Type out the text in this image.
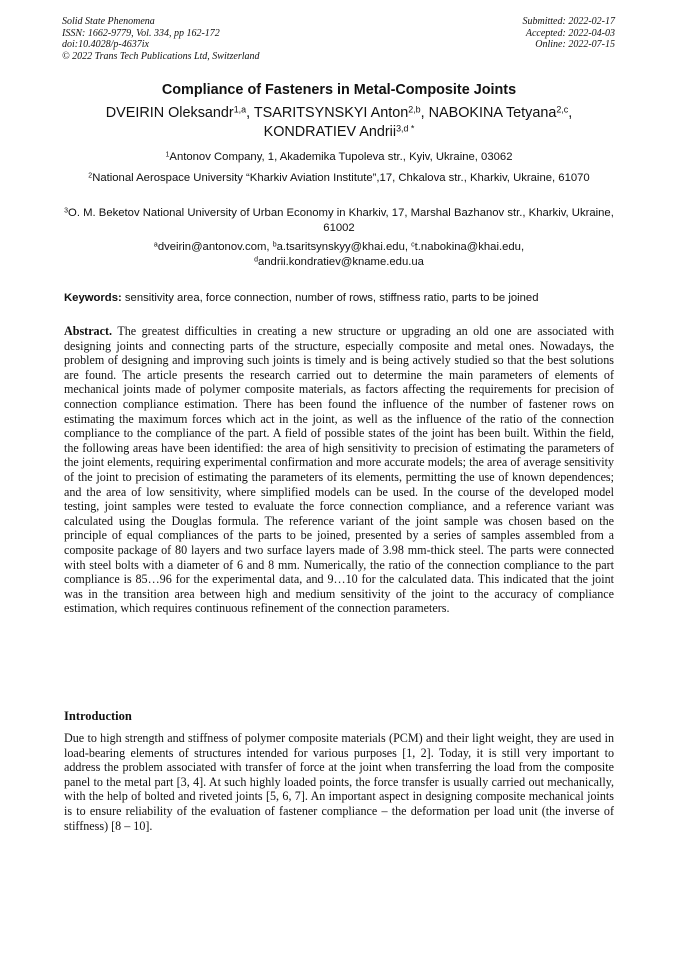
Solid State Phenomena
ISSN: 1662-9779, Vol. 334, pp 162-172
doi:10.4028/p-4637ix
© 2022 Trans Tech Publications Ltd, Switzerland
Submitted: 2022-02-17
Accepted: 2022-04-03
Online: 2022-07-15
Compliance of Fasteners in Metal-Composite Joints
DVEIRIN Oleksandr$^{1,a}$, TSARITSYNSKYI Anton$^{2,b}$, NABOKINA Tetyana$^{2,c}$,
KONDRATIEV Andrii$^{3,d *}$
$^1$Antonov Company, 1, Akademika Tupoleva str., Kyiv, Ukraine, 03062
$^2$National Aerospace University “Kharkiv Aviation Institute”,17, Chkalova str., Kharkiv, Ukraine, 61070
$^3$O. M. Beketov National University of Urban Economy in Kharkiv, 17, Marshal Bazhanov str., Kharkiv, Ukraine, 61002
$^a$dveirin@antonov.com, $^b$a.tsaritsynskyy@khai.edu, $^c$t.nabokina@khai.edu,
$^d$andrii.kondratiev@kname.edu.ua
Keywords: sensitivity area, force connection, number of rows, stiffness ratio, parts to be joined
Abstract. The greatest difficulties in creating a new structure or upgrading an old one are associated with designing joints and connecting parts of the structure, especially composite and metal ones. Nowadays, the problem of designing and improving such joints is timely and is being actively studied so that the best solutions are found. The article presents the research carried out to determine the main parameters of elements of mechanical joints made of polymer composite materials, as factors affecting the requirements for precision of connection compliance estimation. There has been found the influence of the number of fastener rows on estimating the maximum forces which act in the joint, as well as the influence of the ratio of the connection compliance to the compliance of the part. A field of possible states of the joint has been built. Within the field, the following areas have been identified: the area of high sensitivity to precision of estimating the parameters of the joint elements, requiring experimental confirmation and more accurate models; the area of average sensitivity of the joint to precision of estimating the parameters of its elements, permitting the use of known dependences; and the area of low sensitivity, where simplified models can be used. In the course of the developed model testing, joint samples were tested to evaluate the force connection compliance, and a reference variant was calculated using the Douglas formula. The reference variant of the joint sample was chosen based on the principle of equal compliances of the parts to be joined, presented by a series of samples assembled from a composite package of 80 layers and two surface layers made of 3.98 mm-thick steel. The parts were connected with steel bolts with a diameter of 6 and 8 mm. Numerically, the ratio of the connection compliance to the part compliance is 85…96 for the experimental data, and 9…10 for the calculated data. This indicated that the joint was in the transition area between high and medium sensitivity of the joint to the accuracy of compliance estimation, which requires continuous refinement of the connection parameters.
Introduction
Due to high strength and stiffness of polymer composite materials (PCM) and their light weight, they are used in load-bearing elements of structures intended for various purposes [1, 2]. Today, it is still very important to address the problem associated with transfer of force at the joint when transferring the load from the composite panel to the metal part [3, 4]. At such highly loaded points, the force transfer is usually carried out mechanically, with the help of bolted and riveted joints [5, 6, 7]. An important aspect in designing composite mechanical joints is to ensure reliability of the evaluation of fastener compliance – the deformation per load unit (the inverse of stiffness) [8 – 10].
